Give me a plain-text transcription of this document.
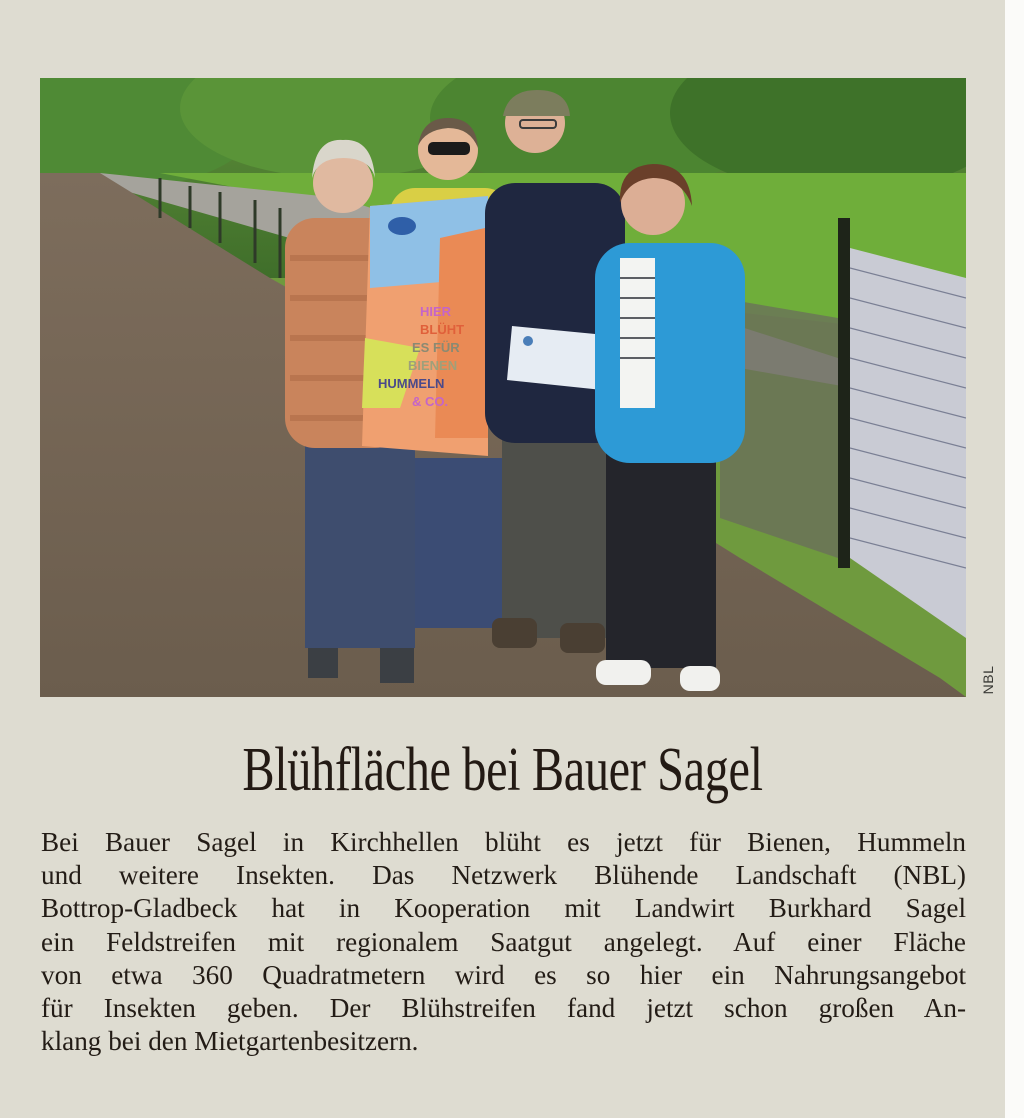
HIER
BLÜHT
ES FÜR
BIENEN
HUMMELN
& CO.
NBL
Blühfläche bei Bauer Sagel

Bei Bauer Sagel in Kirchhellen blüht es jetzt für Bienen, Hummeln
und weitere Insekten. Das Netzwerk Blühende Landschaft (NBL)
Bottrop-Gladbeck hat in Kooperation mit Landwirt Burkhard Sagel
ein Feldstreifen mit regionalem Saatgut angelegt. Auf einer Fläche
von etwa 360 Quadratmetern wird es so hier ein Nahrungsangebot
für Insekten geben. Der Blühstreifen fand jetzt schon großen An-
klang bei den Mietgartenbesitzern.
